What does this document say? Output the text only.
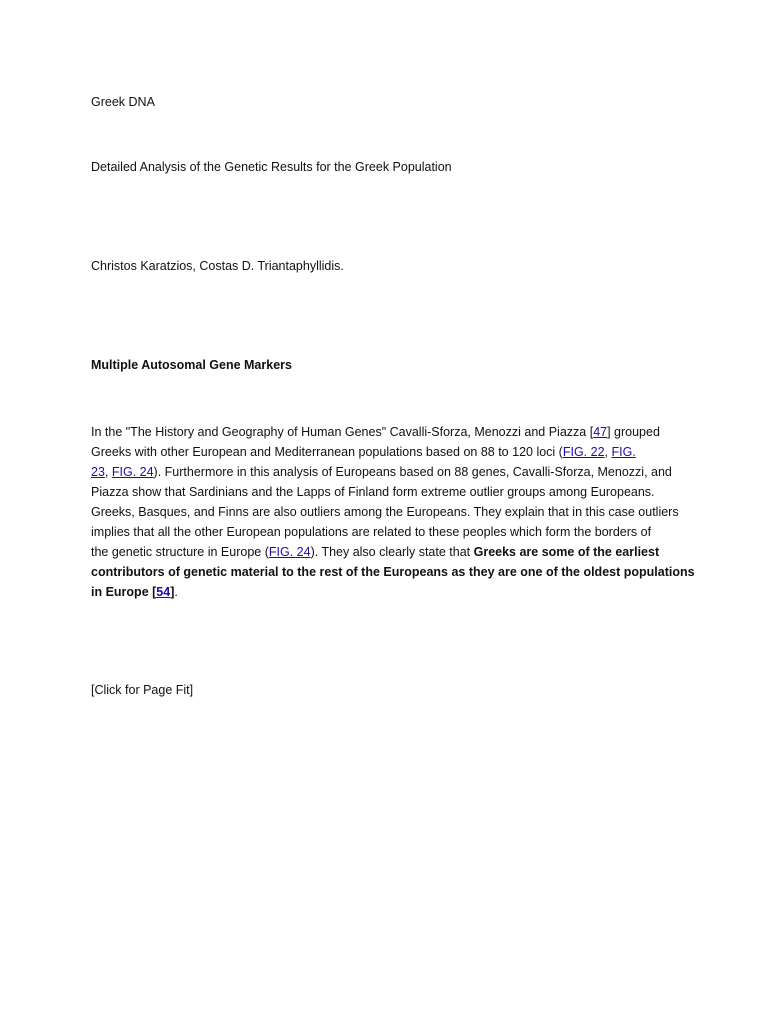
Greek DNA
Detailed Analysis of the Genetic Results for the Greek Population
Christos Karatzios, Costas D. Triantaphyllidis.
Multiple Autosomal Gene Markers
In the "The History and Geography of Human Genes" Cavalli-Sforza, Menozzi and Piazza [47] grouped
Greeks with other European and Mediterranean populations based on 88 to 120 loci (FIG. 22, FIG.
23, FIG. 24). Furthermore in this analysis of Europeans based on 88 genes, Cavalli-Sforza, Menozzi, and
Piazza show that Sardinians and the Lapps of Finland form extreme outlier groups among Europeans.
Greeks, Basques, and Finns are also outliers among the Europeans. They explain that in this case outliers
implies that all the other European populations are related to these peoples which form the borders of
the genetic structure in Europe (FIG. 24). They also clearly state that Greeks are some of the earliest
contributors of genetic material to the rest of the Europeans as they are one of the oldest populations
in Europe [54].
[Click for Page Fit]
